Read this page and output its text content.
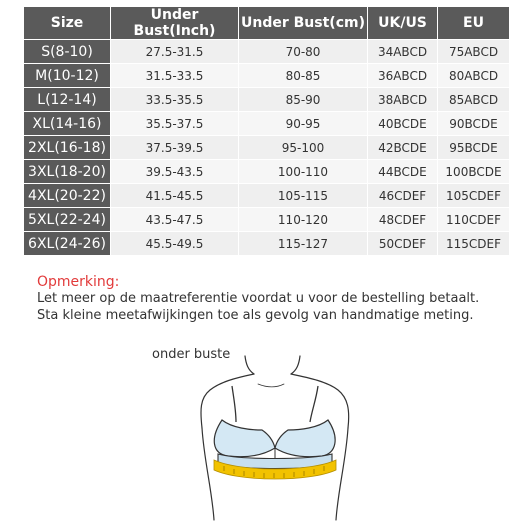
Size	Under Bust(Inch)	Under Bust(cm)	UK/US	EU
S(8-10)	27.5-31.5	70-80	34ABCD	75ABCD
M(10-12)	31.5-33.5	80-85	36ABCD	80ABCD
L(12-14)	33.5-35.5	85-90	38ABCD	85ABCD
XL(14-16)	35.5-37.5	90-95	40BCDE	90BCDE
2XL(16-18)	37.5-39.5	95-100	42BCDE	95BCDE
3XL(18-20)	39.5-43.5	100-110	44BCDE	100BCDE
4XL(20-22)	41.5-45.5	105-115	46CDEF	105CDEF
5XL(22-24)	43.5-47.5	110-120	48CDEF	110CDEF
6XL(24-26)	45.5-49.5	115-127	50CDEF	115CDEF
Opmerking:
Let meer op de maatreferentie voordat u voor de bestelling betaalt.
Sta kleine meetafwijkingen toe als gevolg van handmatige meting.
onder buste
